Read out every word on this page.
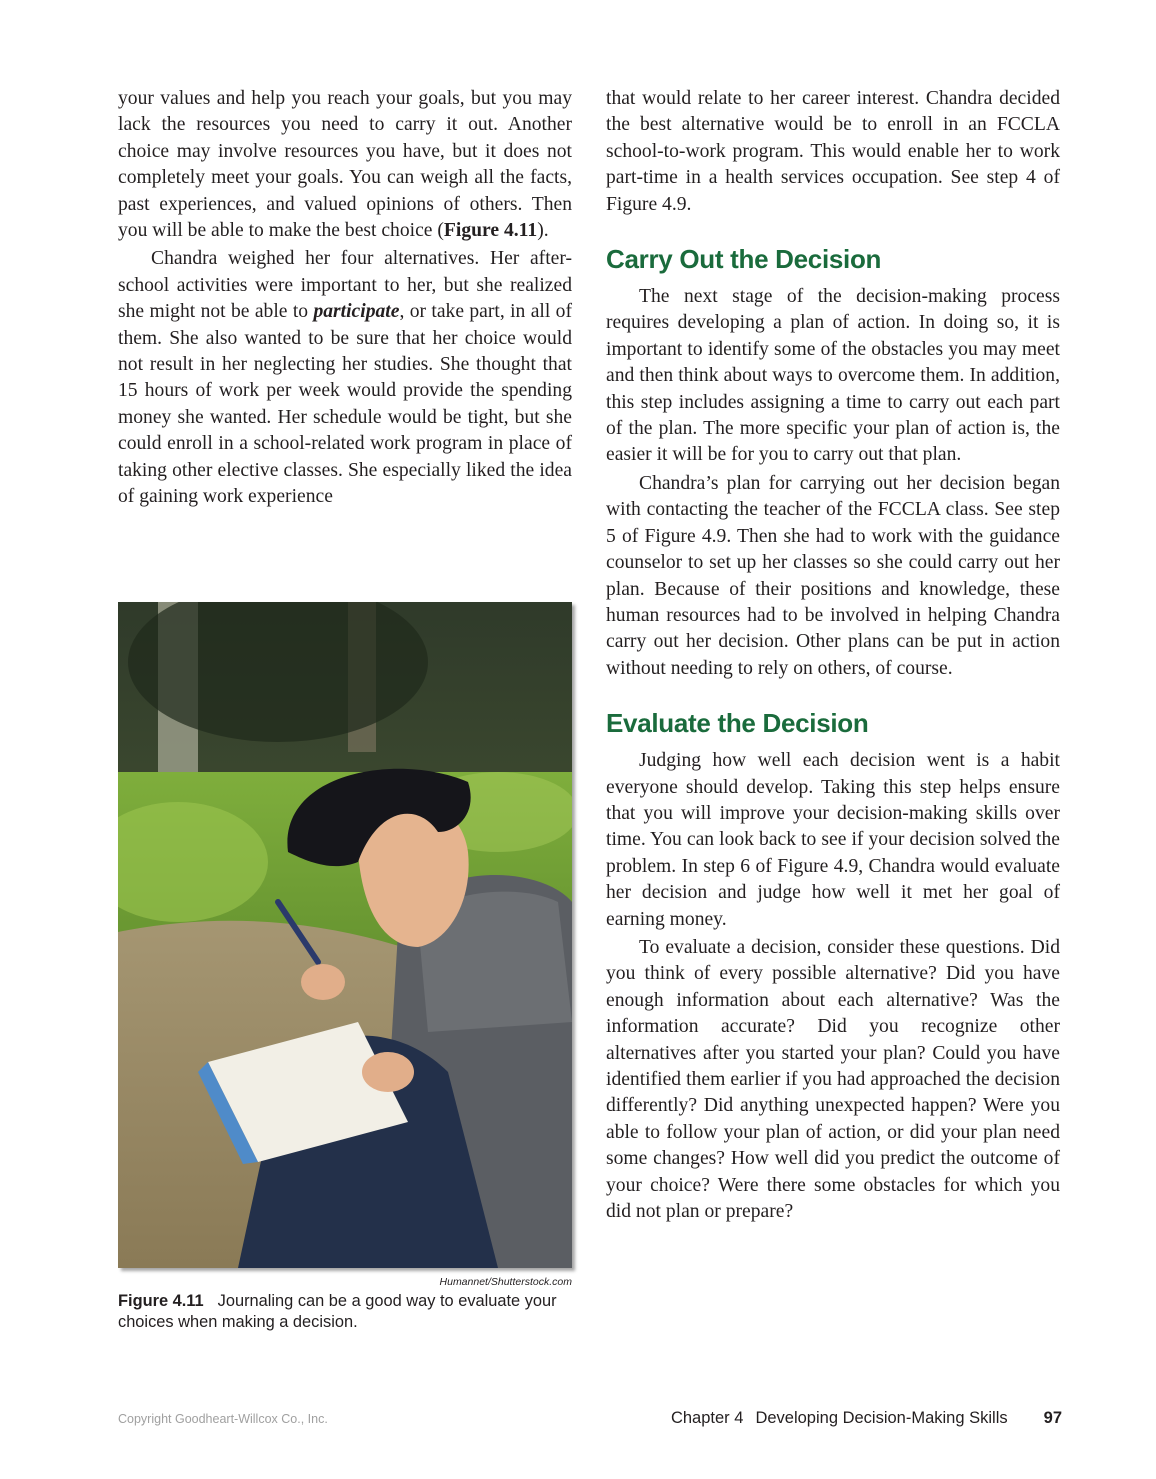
your values and help you reach your goals, but you may lack the resources you need to carry it out. Another choice may involve resources you have, but it does not completely meet your goals. You can weigh all the facts, past experiences, and valued opinions of others. Then you will be able to make the best choice (Figure 4.11).

Chandra weighed her four alternatives. Her after-school activities were important to her, but she realized she might not be able to participate, or take part, in all of them. She also wanted to be sure that her choice would not result in her neglecting her studies. She thought that 15 hours of work per week would provide the spending money she wanted. Her schedule would be tight, but she could enroll in a school-related work program in place of taking other elective classes. She especially liked the idea of gaining work experience

Humannet/Shutterstock.com
Figure 4.11 Journaling can be a good way to evaluate your choices when making a decision.

that would relate to her career interest. Chandra decided the best alternative would be to enroll in an FCCLA school-to-work program. This would enable her to work part-time in a health services occupation. See step 4 of Figure 4.9.

Carry Out the Decision

The next stage of the decision-making process requires developing a plan of action. In doing so, it is important to identify some of the obstacles you may meet and then think about ways to overcome them. In addition, this step includes assigning a time to carry out each part of the plan. The more specific your plan of action is, the easier it will be for you to carry out that plan.

Chandra’s plan for carrying out her decision began with contacting the teacher of the FCCLA class. See step 5 of Figure 4.9. Then she had to work with the guidance counselor to set up her classes so she could carry out her plan. Because of their positions and knowledge, these human resources had to be involved in helping Chandra carry out her decision. Other plans can be put in action without needing to rely on others, of course.

Evaluate the Decision

Judging how well each decision went is a habit everyone should develop. Taking this step helps ensure that you will improve your decision-making skills over time. You can look back to see if your decision solved the problem. In step 6 of Figure 4.9, Chandra would evaluate her decision and judge how well it met her goal of earning money.

To evaluate a decision, consider these questions. Did you think of every possible alternative? Did you have enough information about each alternative? Was the information accurate? Did you recognize other alternatives after you started your plan? Could you have identified them earlier if you had approached the decision differently? Did anything unexpected happen? Were you able to follow your plan of action, or did your plan need some changes? How well did you predict the outcome of your choice? Were there some obstacles for which you did not plan or prepare?

Copyright Goodheart-Willcox Co., Inc.	Chapter 4 Developing Decision-Making Skills 97
